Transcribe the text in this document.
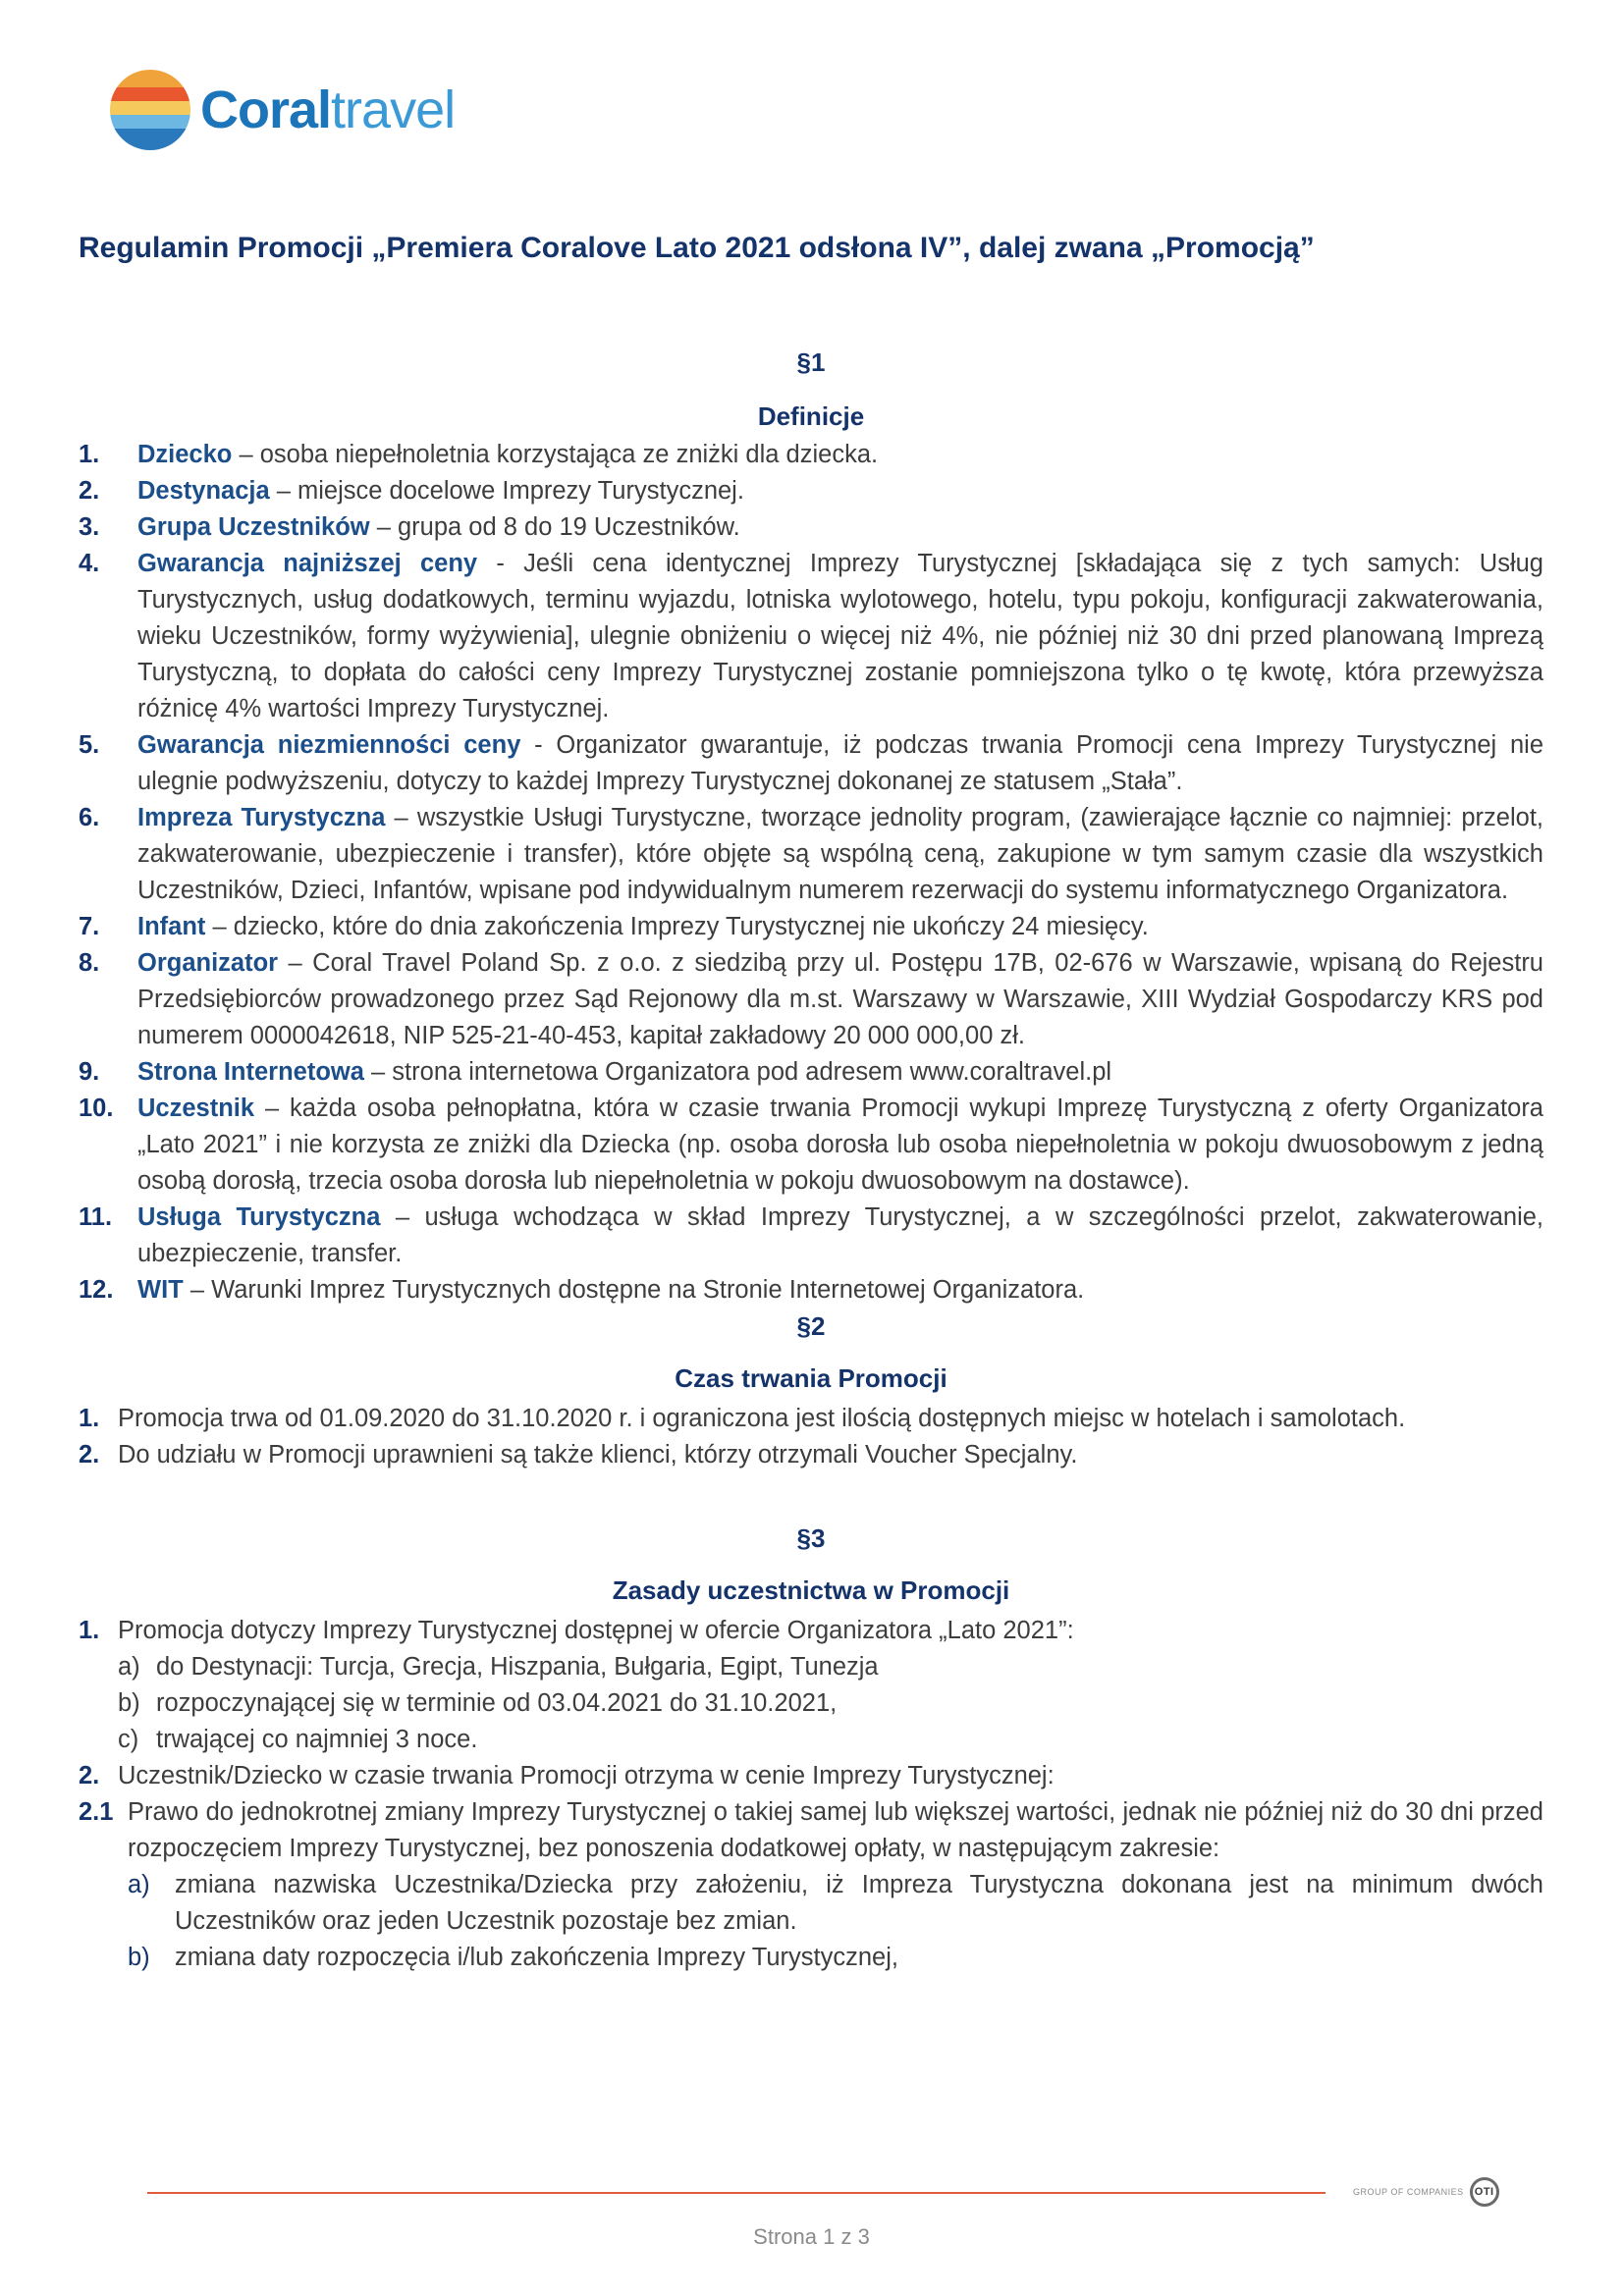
Coraltravel
Regulamin Promocji „Premiera Coralove Lato 2021 odsłona IV”, dalej zwana „Promocją”
§1
Definicje
1. Dziecko – osoba niepełnoletnia korzystająca ze zniżki dla dziecka.
2. Destynacja – miejsce docelowe Imprezy Turystycznej.
3. Grupa Uczestników – grupa od 8 do 19 Uczestników.
4. Gwarancja najniższej ceny - Jeśli cena identycznej Imprezy Turystycznej [składająca się z tych samych: Usług Turystycznych, usług dodatkowych, terminu wyjazdu, lotniska wylotowego, hotelu, typu pokoju, konfiguracji zakwaterowania, wieku Uczestników, formy wyżywienia], ulegnie obniżeniu o więcej niż 4%, nie później niż 30 dni przed planowaną Imprezą Turystyczną, to dopłata do całości ceny Imprezy Turystycznej zostanie pomniejszona tylko o tę kwotę, która przewyższa różnicę 4% wartości Imprezy Turystycznej.
5. Gwarancja niezmienności ceny - Organizator gwarantuje, iż podczas trwania Promocji cena Imprezy Turystycznej nie ulegnie podwyższeniu, dotyczy to każdej Imprezy Turystycznej dokonanej ze statusem „Stała”.
6. Impreza Turystyczna – wszystkie Usługi Turystyczne, tworzące jednolity program, (zawierające łącznie co najmniej: przelot, zakwaterowanie, ubezpieczenie i transfer), które objęte są wspólną ceną, zakupione w tym samym czasie dla wszystkich Uczestników, Dzieci, Infantów, wpisane pod indywidualnym numerem rezerwacji do systemu informatycznego Organizatora.
7. Infant – dziecko, które do dnia zakończenia Imprezy Turystycznej nie ukończy 24 miesięcy.
8. Organizator – Coral Travel Poland Sp. z o.o. z siedzibą przy ul. Postępu 17B, 02-676 w Warszawie, wpisaną do Rejestru Przedsiębiorców prowadzonego przez Sąd Rejonowy dla m.st. Warszawy w Warszawie, XIII Wydział Gospodarczy KRS pod numerem 0000042618, NIP 525-21-40-453, kapitał zakładowy 20 000 000,00 zł.
9. Strona Internetowa – strona internetowa Organizatora pod adresem www.coraltravel.pl
10. Uczestnik – każda osoba pełnopłatna, która w czasie trwania Promocji wykupi Imprezę Turystyczną z oferty Organizatora „Lato 2021” i nie korzysta ze zniżki dla Dziecka (np. osoba dorosła lub osoba niepełnoletnia w pokoju dwuosobowym z jedną osobą dorosłą, trzecia osoba dorosła lub niepełnoletnia w pokoju dwuosobowym na dostawce).
11. Usługa Turystyczna – usługa wchodząca w skład Imprezy Turystycznej, a w szczególności przelot, zakwaterowanie, ubezpieczenie, transfer.
12. WIT – Warunki Imprez Turystycznych dostępne na Stronie Internetowej Organizatora.
§2
Czas trwania Promocji
1. Promocja trwa od 01.09.2020 do 31.10.2020 r. i ograniczona jest ilością dostępnych miejsc w hotelach i samolotach.
2. Do udziału w Promocji uprawnieni są także klienci, którzy otrzymali Voucher Specjalny.
§3
Zasady uczestnictwa w Promocji
1. Promocja dotyczy Imprezy Turystycznej dostępnej w ofercie Organizatora „Lato 2021”:
a) do Destynacji: Turcja, Grecja, Hiszpania, Bułgaria, Egipt, Tunezja
b) rozpoczynającej się w terminie od 03.04.2021 do 31.10.2021,
c) trwającej co najmniej 3 noce.
2. Uczestnik/Dziecko w czasie trwania Promocji otrzyma w cenie Imprezy Turystycznej:
2.1 Prawo do jednokrotnej zmiany Imprezy Turystycznej o takiej samej lub większej wartości, jednak nie później niż do 30 dni przed rozpoczęciem Imprezy Turystycznej, bez ponoszenia dodatkowej opłaty, w następującym zakresie:
a) zmiana nazwiska Uczestnika/Dziecka przy założeniu, iż Impreza Turystyczna dokonana jest na minimum dwóch Uczestników oraz jeden Uczestnik pozostaje bez zmian.
b) zmiana daty rozpoczęcia i/lub zakończenia Imprezy Turystycznej,
GROUP OF COMPANIES	OTI
Strona 1 z 3
